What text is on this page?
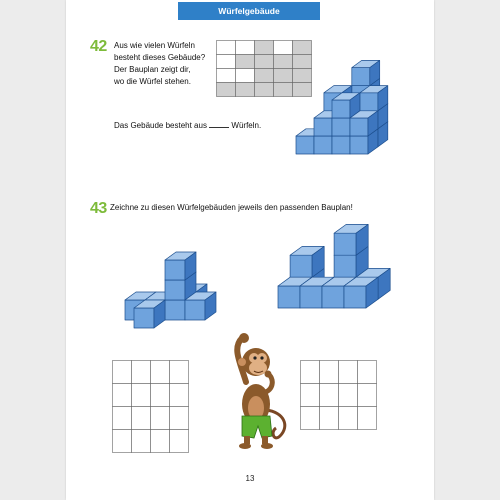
Würfelgebäude
42 Aus wie vielen Würfeln
besteht dieses Gebäude?
Der Bauplan zeigt dir,
wo die Würfel stehen.
Das Gebäude besteht aus	Würfeln.
43 Zeichne zu diesen Würfelgebäuden jeweils den passenden Bauplan!
13
